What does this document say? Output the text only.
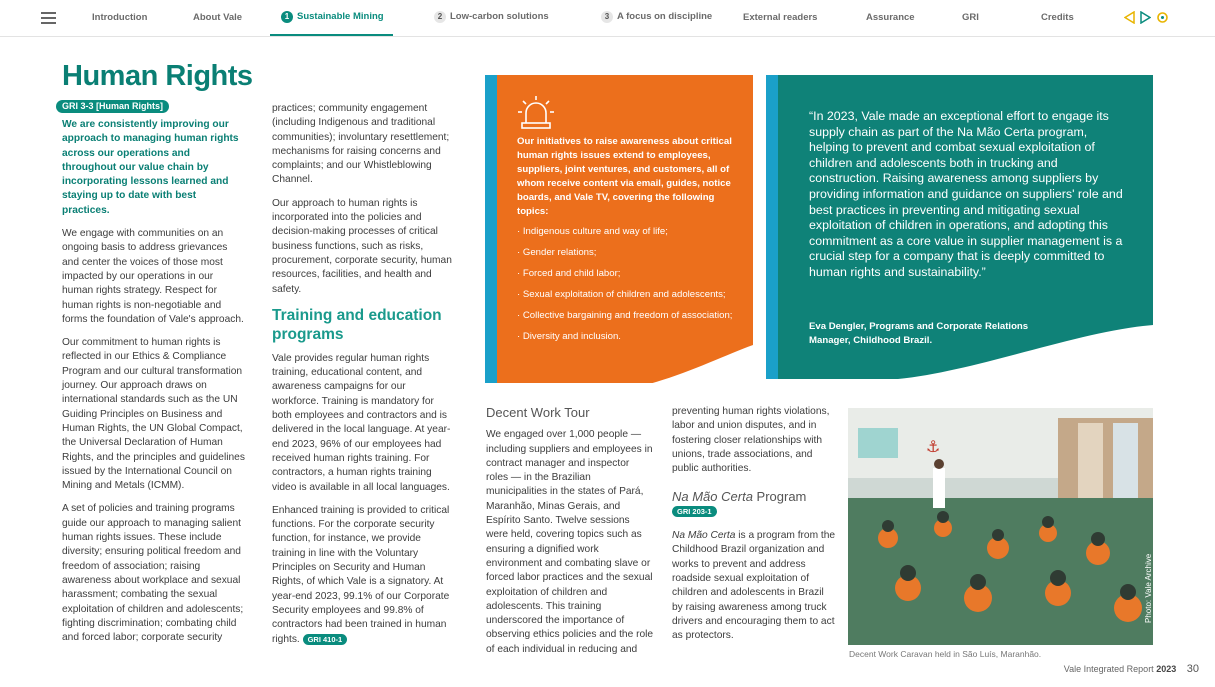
Introduction	About Vale	1 Sustainable Mining	2 Low-carbon solutions	3 A focus on discipline	External readers	Assurance	GRI	Credits
Human Rights
GRI 3-3 [Human Rights]

We are consistently improving our approach to managing human rights across our operations and throughout our value chain by incorporating lessons learned and staying up to date with best practices.

We engage with communities on an ongoing basis to address grievances and center the voices of those most impacted by our operations in our human rights strategy. Respect for human rights is non-negotiable and forms the foundation of Vale's approach.

Our commitment to human rights is reflected in our Ethics & Compliance Program and our cultural transformation journey. Our approach draws on international standards such as the UN Guiding Principles on Business and Human Rights, the UN Global Compact, the Universal Declaration of Human Rights, and the principles and guidelines issued by the International Council on Mining and Metals (ICMM).

A set of policies and training programs guide our approach to managing salient human rights issues. These include diversity; ensuring political freedom and freedom of association; raising awareness about workplace and sexual harassment; combating the sexual exploitation of children and adolescents; fighting discrimination; combating child and forced labor; corporate security

practices; community engagement (including Indigenous and traditional communities); involuntary resettlement; mechanisms for raising concerns and complaints; and our Whistleblowing Channel.

Our approach to human rights is incorporated into the policies and decision-making processes of critical business functions, such as risks, procurement, corporate security, human resources, facilities, and health and safety.

Training and education programs

Vale provides regular human rights training, educational content, and awareness campaigns for our workforce. Training is mandatory for both employees and contractors and is delivered in the local language. At year-end 2023, 96% of our employees had received human rights training. For contractors, a human rights training video is available in all local languages.

Enhanced training is provided to critical functions. For the corporate security function, for instance, we provide training in line with the Voluntary Principles on Security and Human Rights, of which Vale is a signatory. At year-end 2023, 99.1% of our Corporate Security employees and 99.8% of contractors had been trained in human rights. GRI 410-1

Our initiatives to raise awareness about critical human rights issues extend to employees, suppliers, joint ventures, and customers, all of whom receive content via email, guides, notice boards, and Vale TV, covering the following topics:
· Indigenous culture and way of life;
· Gender relations;
· Forced and child labor;
· Sexual exploitation of children and adolescents;
· Collective bargaining and freedom of association;
· Diversity and inclusion.
“In 2023, Vale made an exceptional effort to engage its supply chain as part of the Na Mão Certa program, helping to prevent and combat sexual exploitation of children and adolescents both in trucking and construction. Raising awareness among suppliers by providing information and guidance on suppliers' role and best practices in preventing and mitigating sexual exploitation of children in operations, and adopting this commitment as a core value in supplier management is a crucial step for a company that is deeply committed to human rights and sustainability.”
Eva Dengler, Programs and Corporate Relations Manager, Childhood Brazil.
Decent Work Tour

We engaged over 1,000 people — including suppliers and employees in contract manager and inspector roles — in the Brazilian municipalities in the states of Pará, Maranhão, Minas Gerais, and Espírito Santo. Twelve sessions were held, covering topics such as ensuring a dignified work environment and combating slave or forced labor practices and the sexual exploitation of children and adolescents. This training underscored the importance of observing ethics policies and the role of each individual in reducing and

preventing human rights violations, labor and union disputes, and in fostering closer relationships with unions, trade associations, and public authorities.

Na Mão Certa Program
GRI 203-1

Na Mão Certa is a program from the Childhood Brazil organization and works to prevent and address roadside sexual exploitation of children and adolescents in Brazil by raising awareness among truck drivers and encouraging them to act as protectors.

⚓
Photo: Vale Archive
Decent Work Caravan held in São Luís, Maranhão.
Vale Integrated Report 2023 30
